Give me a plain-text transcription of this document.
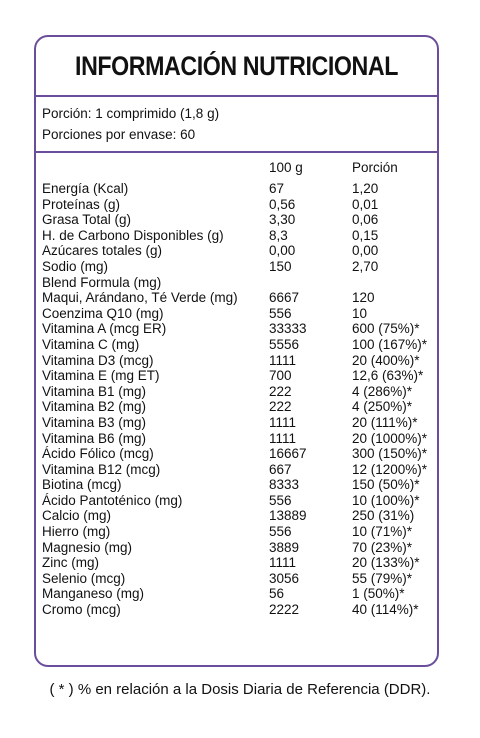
INFORMACIÓN NUTRICIONAL
Porción: 1 comprimido (1,8 g)
Porciones por envase: 60
100 g	Porción
Energía (Kcal)	67	1,20
Proteínas (g)	0,56	0,01
Grasa Total (g)	3,30	0,06
H. de Carbono Disponibles (g)	8,3	0,15
Azúcares totales (g)	0,00	0,00
Sodio (mg)	150	2,70
Blend Formula (mg)
Maqui, Arándano, Té Verde (mg) 6667	120
Coenzima Q10 (mg)	556	10
Vitamina A (mcg ER)	33333	600 (75%)*
Vitamina C (mg)	5556	100 (167%)*
Vitamina D3 (mcg)	1111	20 (400%)*
Vitamina E (mg ET)	700	12,6 (63%)*
Vitamina B1 (mg)	222	4 (286%)*
Vitamina B2 (mg)	222	4 (250%)*
Vitamina B3 (mg)	1111	20 (111%)*
Vitamina B6 (mg)	1111	20 (1000%)*
Ácido Fólico (mcg)	16667	300 (150%)*
Vitamina B12 (mcg)	667	12 (1200%)*
Biotina (mcg)	8333	150 (50%)*
Ácido Pantoténico (mg)	556	10 (100%)*
Calcio (mg)	13889	250 (31%)
Hierro (mg)	556	10 (71%)*
Magnesio (mg)	3889	70 (23%)*
Zinc (mg)	1111	20 (133%)*
Selenio (mcg)	3056	55 (79%)*
Manganeso (mg)	56	1 (50%)*
Cromo (mcg)	2222	40 (114%)*
( * ) % en relación a la Dosis Diaria de Referencia (DDR).
